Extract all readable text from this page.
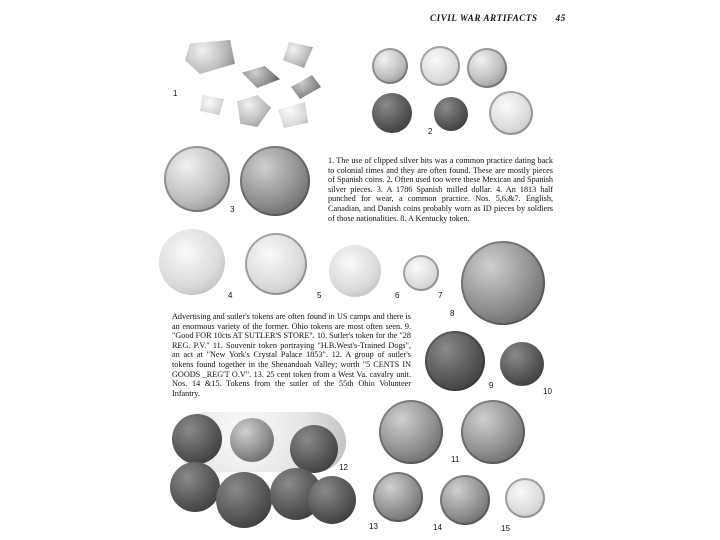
CIVIL WAR ARTIFACTS 45
1
2
3
1. The use of clipped silver bits was a common practice dating back to colonial times and they are often found. These are mostly pieces of Spanish coins. 2. Often used too were these Mexican and Spanish silver pieces. 3. A 1786 Spanish milled dollar. 4. An 1813 half punched for wear, a common practice. Nos. 5,6,&7. English, Canadian, and Danish coins probably worn as ID pieces by soldiers of those nationalities. 8. A Kentucky token.
4	5	6	7
8
Advertising and sutler's tokens are often found in US camps and there is an enormous variety of the former. Ohio tokens are most often seen. 9. "Good FOR 10cts AT SUTLER'S STORE". 10. Sutler's token for the "28 REG. P.V." 11. Souvenir token portraying "H.B.West's-Trained Dogs", an act at "New York's Crystal Palace 1853". 12. A group of sutler's tokens found together in the Shenandoah Valley; worth "5 CENTS IN GOODS _REG'T O.V". 13. 25 cent token from a West Va. cavalry unit. Nos. 14 &15. Tokens from the sutler of the 55th Ohio Volunteer Infantry.
9
10
12
11
13	14	15
